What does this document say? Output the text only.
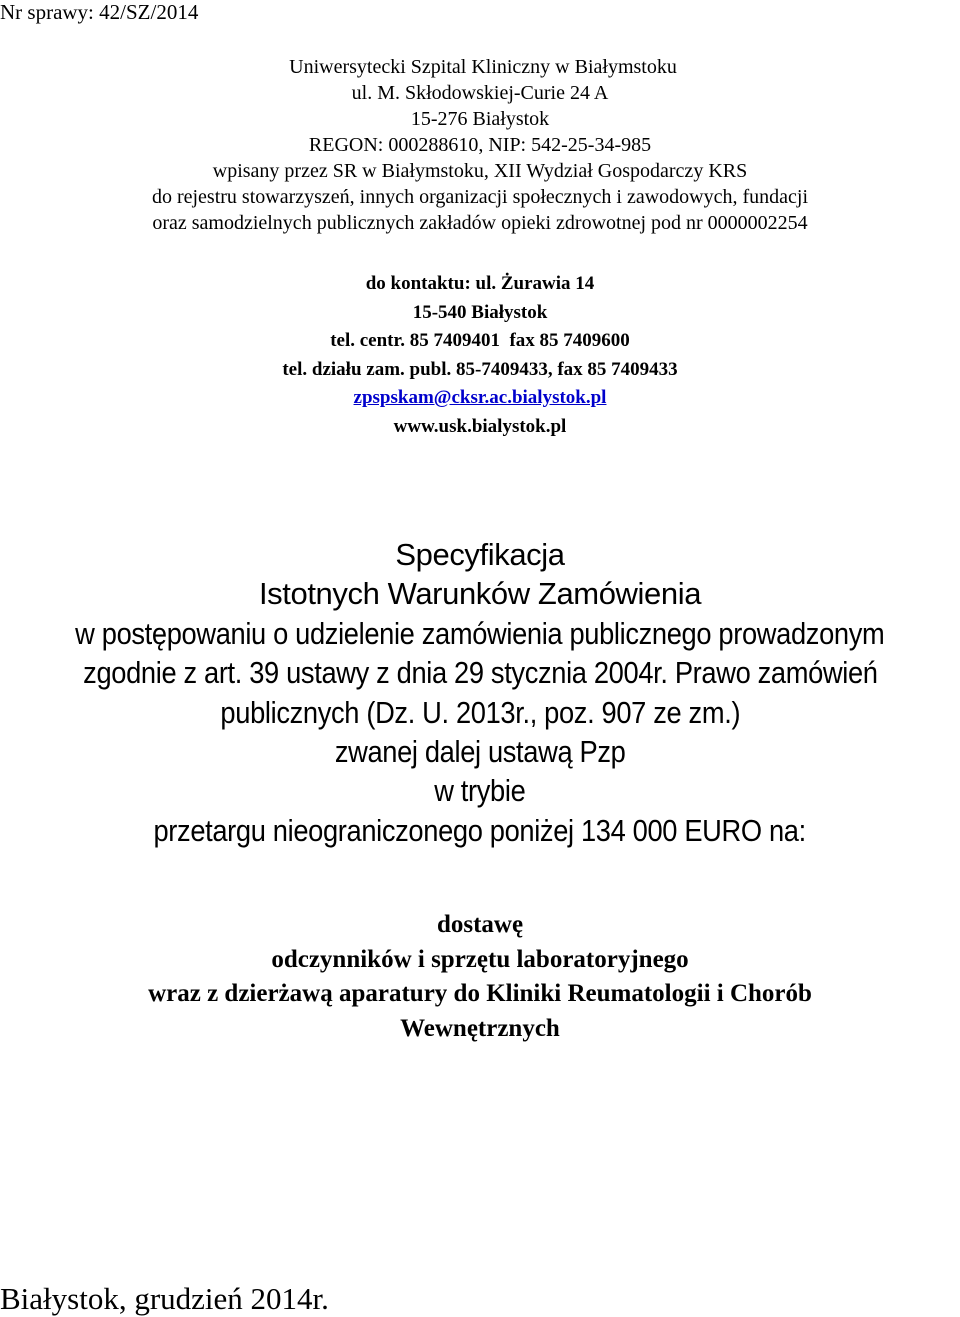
Nr sprawy: 42/SZ/2014
Uniwersytecki Szpital Kliniczny w Białymstoku
ul. M. Skłodowskiej-Curie 24 A
15-276 Białystok
REGON: 000288610, NIP: 542-25-34-985
wpisany przez SR w Białymstoku, XII Wydział Gospodarczy KRS
do rejestru stowarzyszeń, innych organizacji społecznych i zawodowych, fundacji
oraz samodzielnych publicznych zakładów opieki zdrowotnej pod nr 0000002254
do kontaktu: ul. Żurawia 14
15-540 Białystok
tel. centr. 85 7409401  fax 85 7409600
tel. działu zam. publ. 85-7409433, fax 85 7409433
zpspskam@cksr.ac.bialystok.pl
www.usk.bialystok.pl
Specyfikacja
Istotnych Warunków Zamówienia
w postępowaniu o udzielenie zamówienia publicznego prowadzonym
zgodnie z art. 39 ustawy z dnia 29 stycznia 2004r. Prawo zamówień
publicznych (Dz. U. 2013r., poz. 907 ze zm.)
zwanej dalej ustawą Pzp
w trybie
przetargu nieograniczonego poniżej 134 000 EURO na:
dostawę
odczynników i sprzętu laboratoryjnego
wraz z dzierżawą aparatury do Kliniki Reumatologii i Chorób
Wewnętrznych
Białystok, grudzień 2014r.
